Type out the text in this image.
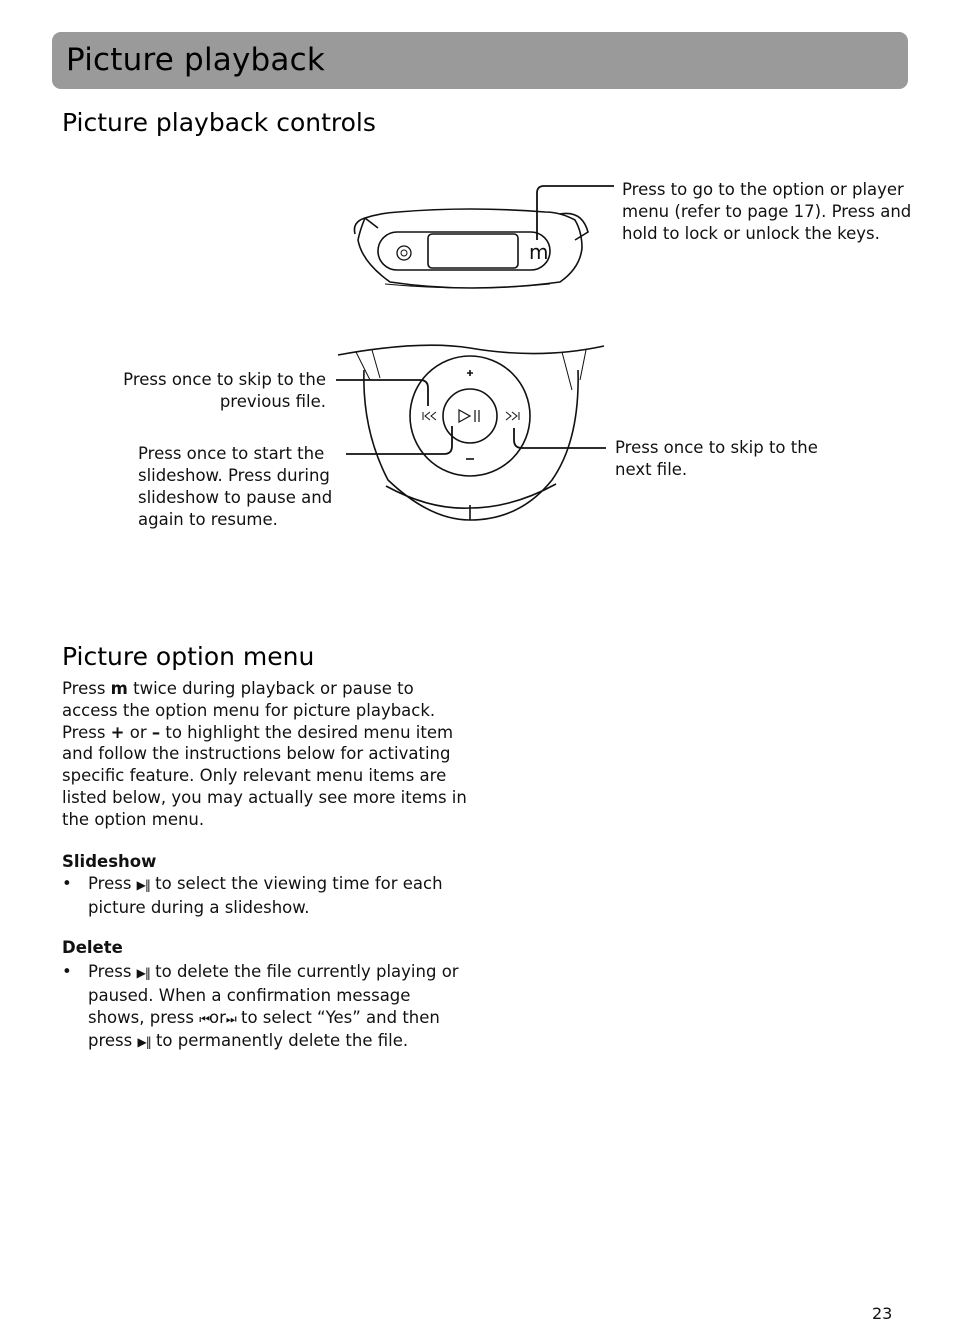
Picture playback
Picture playback controls
m
Press to go to the option or player menu (refer to page 17). Press and hold to lock or unlock the keys.
Press once to skip to the previous file.
Press once to start the slideshow. Press during slideshow to pause and again to resume.
Press once to skip to the next file.
Picture option menu
Press m twice during playback or pause to access the option menu for picture playback. Press + or – to highlight the desired menu item and follow the instructions below for activating specific feature. Only relevant menu items are listed below, you may actually see more items in the option menu.
Slideshow
• Press ▶‖ to select the viewing time for each picture during a slideshow.
Delete
• Press ▶‖ to delete the file currently playing or paused. When a confirmation message shows, press ⏮or⏭ to select “Yes” and then press ▶‖ to permanently delete the file.
23
